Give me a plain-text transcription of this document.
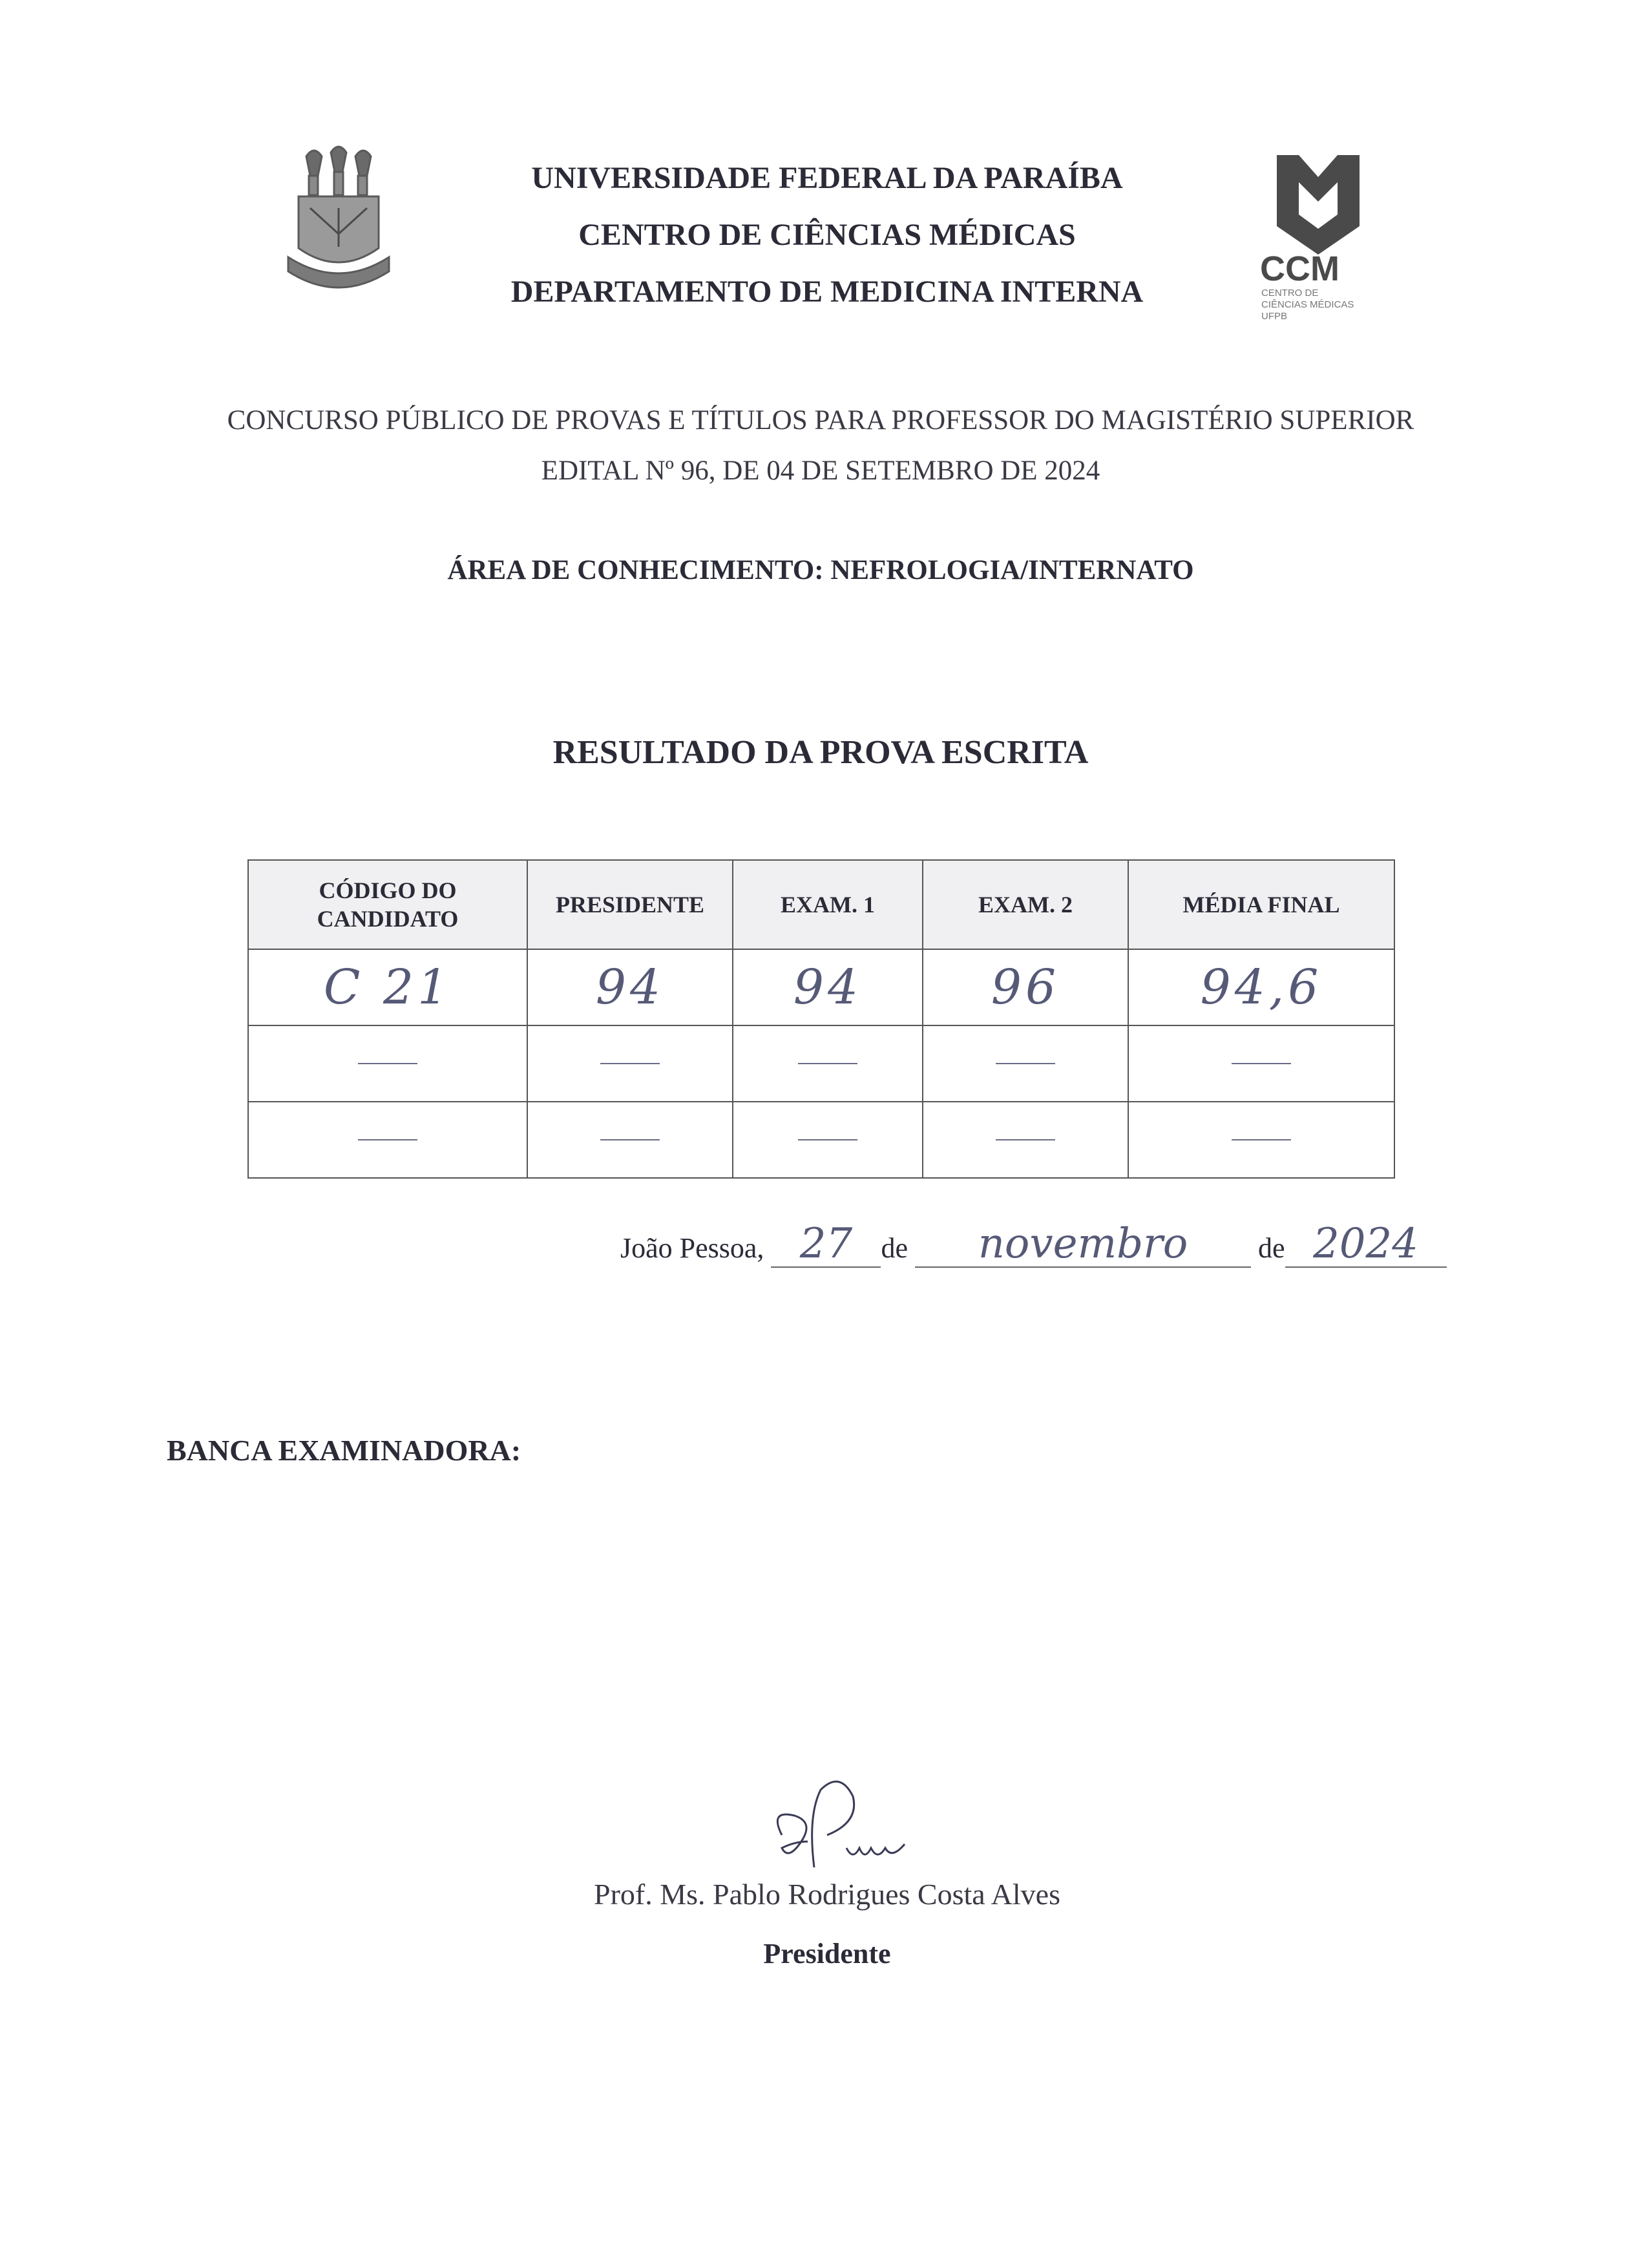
UNIVERSIDADE FEDERAL DA PARAÍBA
CENTRO DE CIÊNCIAS MÉDICAS
DEPARTAMENTO DE MEDICINA INTERNA
CCM
CENTRO DE
CIÊNCIAS MÉDICAS
UFPB
CONCURSO PÚBLICO DE PROVAS E TÍTULOS PARA PROFESSOR DO MAGISTÉRIO SUPERIOR
EDITAL Nº 96, DE 04 DE SETEMBRO DE 2024
ÁREA DE CONHECIMENTO: NEFROLOGIA/INTERNATO
RESULTADO DA PROVA ESCRITA
CÓDIGO DO
CANDIDATO	PRESIDENTE	EXAM. 1	EXAM. 2	MÉDIA FINAL
C 21	94	94	96	94,6

João Pessoa, 27 de novembro de 2024
BANCA EXAMINADORA:
Prof. Ms. Pablo Rodrigues Costa Alves
Presidente
